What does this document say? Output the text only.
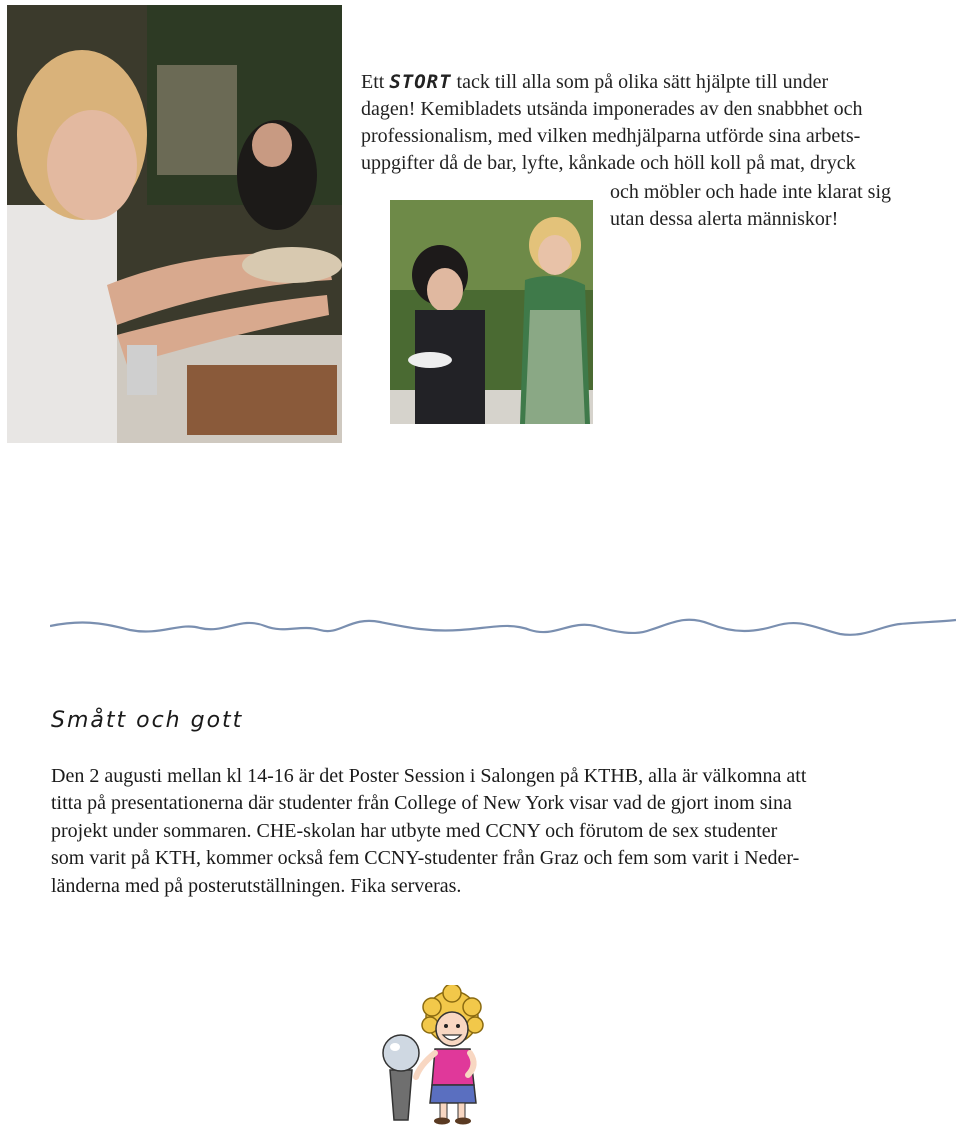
Ett STORT tack till alla som på olika sätt hjälpte till under
dagen! Kemibladets utsända imponerades av den snabbhet och
professionalism, med vilken medhjälparna utförde sina arbets-
uppgifter då de bar, lyfte, kånkade och höll koll på mat, dryck
och möbler och hade inte klarat sig
utan dessa alerta människor!
Smått och gott

Den 2 augusti mellan kl 14-16 är det Poster Session i Salongen på KTHB, alla är välkomna att

titta på presentationerna där studenter från College of New York visar vad de gjort inom sina

projekt under sommaren. CHE-skolan har utbyte med CCNY och förutom de sex studenter

som varit på KTH, kommer också fem CCNY-studenter från Graz och fem som varit i Neder-

länderna med på posterutställningen. Fika serveras.
